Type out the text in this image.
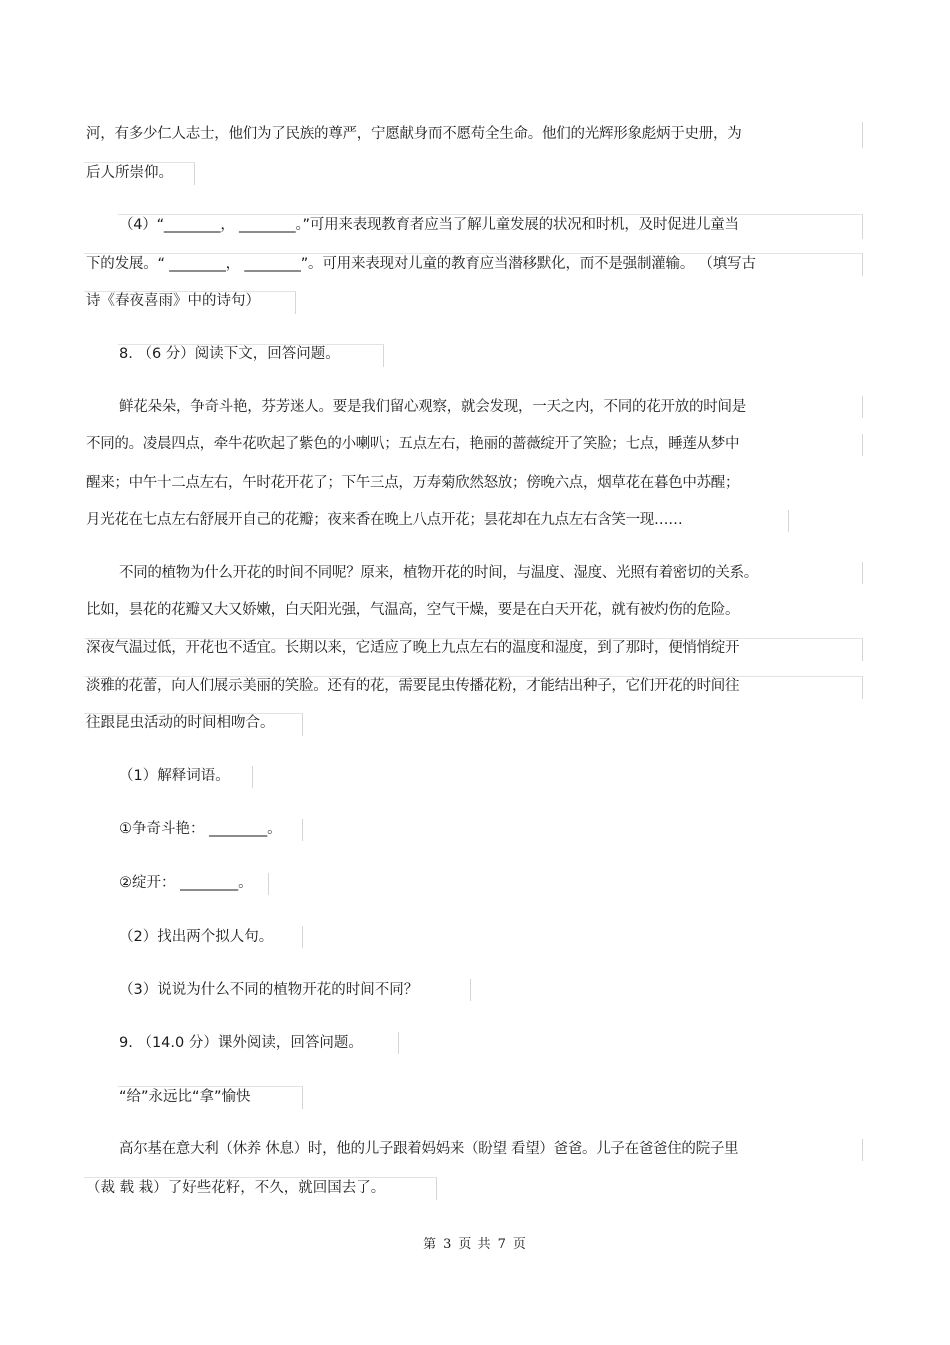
河，有多少仁人志士，他们为了民族的尊严，宁愿献身而不愿苟全生命。他们的光辉形象彪炳于史册，为
后人所崇仰。
（4）“________， ________。”可用来表现教育者应当了解儿童发展的状况和时机，及时促进儿童当
下的发展。“ ________， ________”。可用来表现对儿童的教育应当潜移默化，而不是强制灌输。 （填写古
诗《春夜喜雨》中的诗句）
8. （6 分）阅读下文，回答问题。
鲜花朵朵，争奇斗艳，芬芳迷人。要是我们留心观察，就会发现，一天之内，不同的花开放的时间是
不同的。凌晨四点，牵牛花吹起了紫色的小喇叭；五点左右，艳丽的蔷薇绽开了笑脸；七点，睡莲从梦中
醒来；中午十二点左右，午时花开花了；下午三点，万寿菊欣然怒放；傍晚六点，烟草花在暮色中苏醒；
月光花在七点左右舒展开自己的花瓣；夜来香在晚上八点开花；昙花却在九点左右含笑一现……
不同的植物为什么开花的时间不同呢？原来，植物开花的时间，与温度、湿度、光照有着密切的关系。
比如，昙花的花瓣又大又娇嫩，白天阳光强，气温高，空气干燥，要是在白天开花，就有被灼伤的危险。
深夜气温过低，开花也不适宜。长期以来，它适应了晚上九点左右的温度和湿度，到了那时，便悄悄绽开
淡雅的花蕾，向人们展示美丽的笑脸。还有的花，需要昆虫传播花粉，才能结出种子，它们开花的时间往
往跟昆虫活动的时间相吻合。
（1）解释词语。
①争奇斗艳： ________。
②绽开： ________。
（2）找出两个拟人句。
（3）说说为什么不同的植物开花的时间不同？
9. （14.0 分）课外阅读，回答问题。
“给”永远比“拿”愉快
高尔基在意大利（休养 休息）时，他的儿子跟着妈妈来（盼望 看望）爸爸。儿子在爸爸住的院子里
（裁 载 栽）了好些花籽，不久，就回国去了。
第 3 页 共 7 页
